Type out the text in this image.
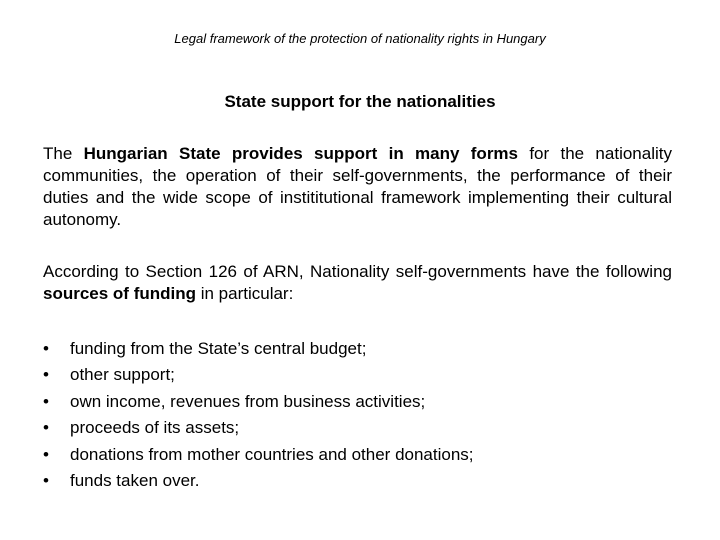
Legal framework of the protection of nationality rights in Hungary
State support for the nationalities
The Hungarian State provides support in many forms for the nationality communities, the operation of their self-governments, the performance of their duties and the wide scope of instititutional framework implementing their cultural autonomy.
According to Section 126 of ARN, Nationality self-governments have the following sources of funding in particular:
• funding from the State’s central budget;
• other support;
• own income, revenues from business activities;
• proceeds of its assets;
• donations from mother countries and other donations;
• funds taken over.
